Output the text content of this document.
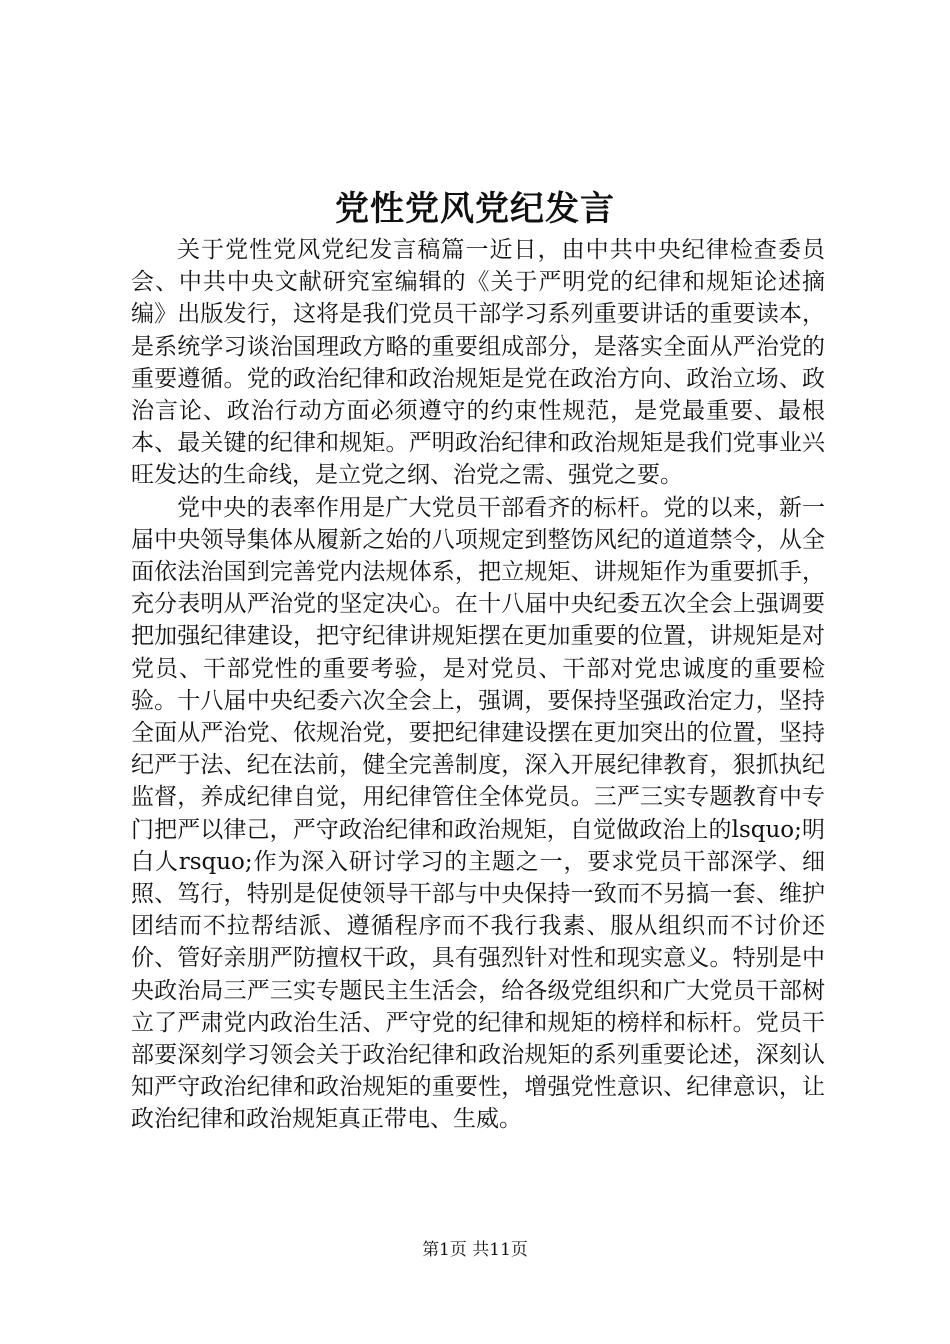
党性党风党纪发言

关于党性党风党纪发言稿篇一近日，由中共中央纪律检查委员会、中共中央文献研究室编辑的《关于严明党的纪律和规矩论述摘编》出版发行，这将是我们党员干部学习系列重要讲话的重要读本，是系统学习谈治国理政方略的重要组成部分，是落实全面从严治党的重要遵循。党的政治纪律和政治规矩是党在政治方向、政治立场、政治言论、政治行动方面必须遵守的约束性规范，是党最重要、最根本、最关键的纪律和规矩。严明政治纪律和政治规矩是我们党事业兴旺发达的生命线，是立党之纲、治党之需、强党之要。

党中央的表率作用是广大党员干部看齐的标杆。党的以来，新一届中央领导集体从履新之始的八项规定到整饬风纪的道道禁令，从全面依法治国到完善党内法规体系，把立规矩、讲规矩作为重要抓手，充分表明从严治党的坚定决心。在十八届中央纪委五次全会上强调要把加强纪律建设，把守纪律讲规矩摆在更加重要的位置，讲规矩是对党员、干部党性的重要考验，是对党员、干部对党忠诚度的重要检验。十八届中央纪委六次全会上，强调，要保持坚强政治定力，坚持全面从严治党、依规治党，要把纪律建设摆在更加突出的位置，坚持纪严于法、纪在法前，健全完善制度，深入开展纪律教育，狠抓执纪监督，养成纪律自觉，用纪律管住全体党员。三严三实专题教育中专门把严以律己，严守政治纪律和政治规矩，自觉做政治上的lsquo;明白人rsquo;作为深入研讨学习的主题之一，要求党员干部深学、细照、笃行，特别是促使领导干部与中央保持一致而不另搞一套、维护团结而不拉帮结派、遵循程序而不我行我素、服从组织而不讨价还价、管好亲朋严防擅权干政，具有强烈针对性和现实意义。特别是中央政治局三严三实专题民主生活会，给各级党组织和广大党员干部树立了严肃党内政治生活、严守党的纪律和规矩的榜样和标杆。党员干部要深刻学习领会关于政治纪律和政治规矩的系列重要论述，深刻认知严守政治纪律和政治规矩的重要性，增强党性意识、纪律意识，让政治纪律和政治规矩真正带电、生威。

第1页 共11页
